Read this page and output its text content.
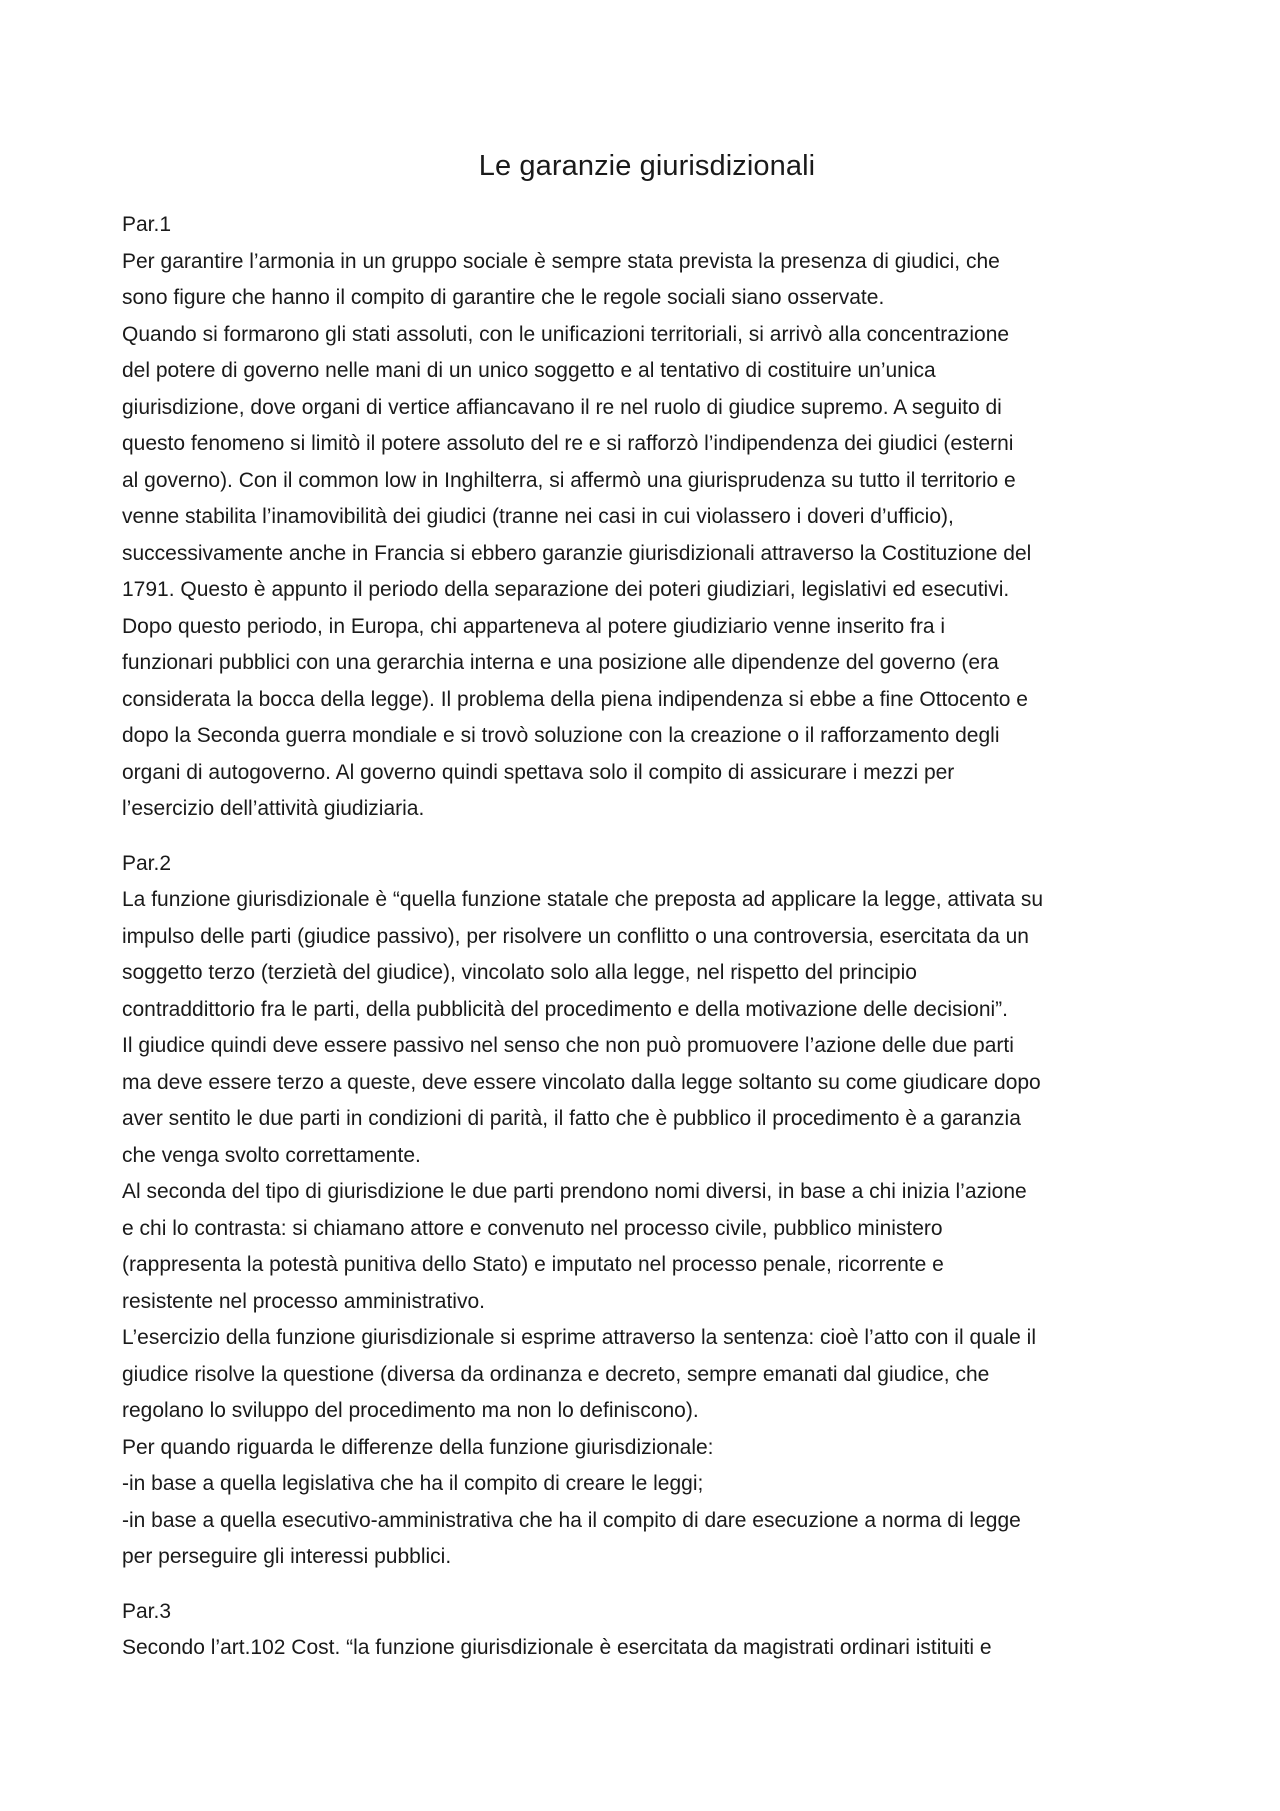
Le garanzie giurisdizionali

Par.1

Per garantire l’armonia in un gruppo sociale è sempre stata prevista la presenza di giudici, che

sono figure che hanno il compito di garantire che le regole sociali siano osservate.

Quando si formarono gli stati assoluti, con le unificazioni territoriali, si arrivò alla concentrazione

del potere di governo nelle mani di un unico soggetto e al tentativo di costituire un’unica

giurisdizione, dove organi di vertice affiancavano il re nel ruolo di giudice supremo. A seguito di

questo fenomeno si limitò il potere assoluto del re e si rafforzò l’indipendenza dei giudici (esterni

al governo). Con il common low in Inghilterra, si affermò una giurisprudenza su tutto il territorio e

venne stabilita l’inamovibilità dei giudici (tranne nei casi in cui violassero i doveri d’ufficio),

successivamente anche in Francia si ebbero garanzie giurisdizionali attraverso la Costituzione del

1791. Questo è appunto il periodo della separazione dei poteri giudiziari, legislativi ed esecutivi.

Dopo questo periodo, in Europa, chi apparteneva al potere giudiziario venne inserito fra i

funzionari pubblici con una gerarchia interna e una posizione alle dipendenze del governo (era

considerata la bocca della legge). Il problema della piena indipendenza si ebbe a fine Ottocento e

dopo la Seconda guerra mondiale e si trovò soluzione con la creazione o il rafforzamento degli

organi di autogoverno. Al governo quindi spettava solo il compito di assicurare i mezzi per

l’esercizio dell’attività giudiziaria.

Par.2

La funzione giurisdizionale è “quella funzione statale che preposta ad applicare la legge, attivata su

impulso delle parti (giudice passivo), per risolvere un conflitto o una controversia, esercitata da un

soggetto terzo (terzietà del giudice), vincolato solo alla legge, nel rispetto del principio

contraddittorio fra le parti, della pubblicità del procedimento e della motivazione delle decisioni”.

Il giudice quindi deve essere passivo nel senso che non può promuovere l’azione delle due parti

ma deve essere terzo a queste, deve essere vincolato dalla legge soltanto su come giudicare dopo

aver sentito le due parti in condizioni di parità, il fatto che è pubblico il procedimento è a garanzia

che venga svolto correttamente.

Al seconda del tipo di giurisdizione le due parti prendono nomi diversi, in base a chi inizia l’azione

e chi lo contrasta: si chiamano attore e convenuto nel processo civile, pubblico ministero

(rappresenta la potestà punitiva dello Stato) e imputato nel processo penale, ricorrente e

resistente nel processo amministrativo.

L’esercizio della funzione giurisdizionale si esprime attraverso la sentenza: cioè l’atto con il quale il

giudice risolve la questione (diversa da ordinanza e decreto, sempre emanati dal giudice, che

regolano lo sviluppo del procedimento ma non lo definiscono).

Per quando riguarda le differenze della funzione giurisdizionale:

-in base a quella legislativa che ha il compito di creare le leggi;

-in base a quella esecutivo-amministrativa che ha il compito di dare esecuzione a norma di legge

per perseguire gli interessi pubblici.

Par.3

Secondo l’art.102 Cost. “la funzione giurisdizionale è esercitata da magistrati ordinari istituiti e
